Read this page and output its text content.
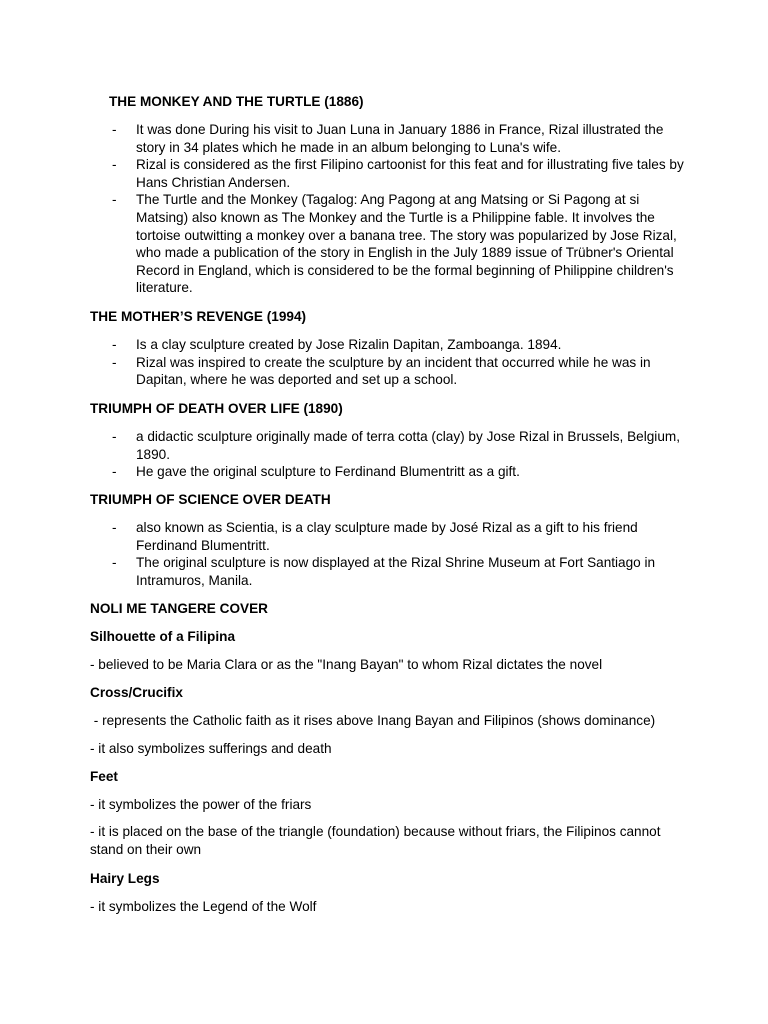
THE MONKEY AND THE TURTLE (1886)
- It was done During his visit to Juan Luna in January 1886 in France, Rizal illustrated the story in 34 plates which he made in an album belonging to Luna's wife.
- Rizal is considered as the first Filipino cartoonist for this feat and for illustrating five tales by Hans Christian Andersen.
- The Turtle and the Monkey (Tagalog: Ang Pagong at ang Matsing or Si Pagong at si Matsing) also known as The Monkey and the Turtle is a Philippine fable. It involves the tortoise outwitting a monkey over a banana tree. The story was popularized by Jose Rizal, who made a publication of the story in English in the July 1889 issue of Trübner's Oriental Record in England, which is considered to be the formal beginning of Philippine children's literature.
THE MOTHER’S REVENGE (1994)
- Is a clay sculpture created by Jose Rizalin Dapitan, Zamboanga. 1894.
- Rizal was inspired to create the sculpture by an incident that occurred while he was in Dapitan, where he was deported and set up a school.
TRIUMPH OF DEATH OVER LIFE (1890)
- a didactic sculpture originally made of terra cotta (clay) by Jose Rizal in Brussels, Belgium, 1890.
- He gave the original sculpture to Ferdinand Blumentritt as a gift.
TRIUMPH OF SCIENCE OVER DEATH
- also known as Scientia, is a clay sculpture made by José Rizal as a gift to his friend Ferdinand Blumentritt.
- The original sculpture is now displayed at the Rizal Shrine Museum at Fort Santiago in Intramuros, Manila.
NOLI ME TANGERE COVER
Silhouette of a Filipina
- believed to be Maria Clara or as the "Inang Bayan" to whom Rizal dictates the novel
Cross/Crucifix
- represents the Catholic faith as it rises above Inang Bayan and Filipinos (shows dominance)
- it also symbolizes sufferings and death
Feet
- it symbolizes the power of the friars
- it is placed on the base of the triangle (foundation) because without friars, the Filipinos cannot stand on their own
Hairy Legs
- it symbolizes the Legend of the Wolf
